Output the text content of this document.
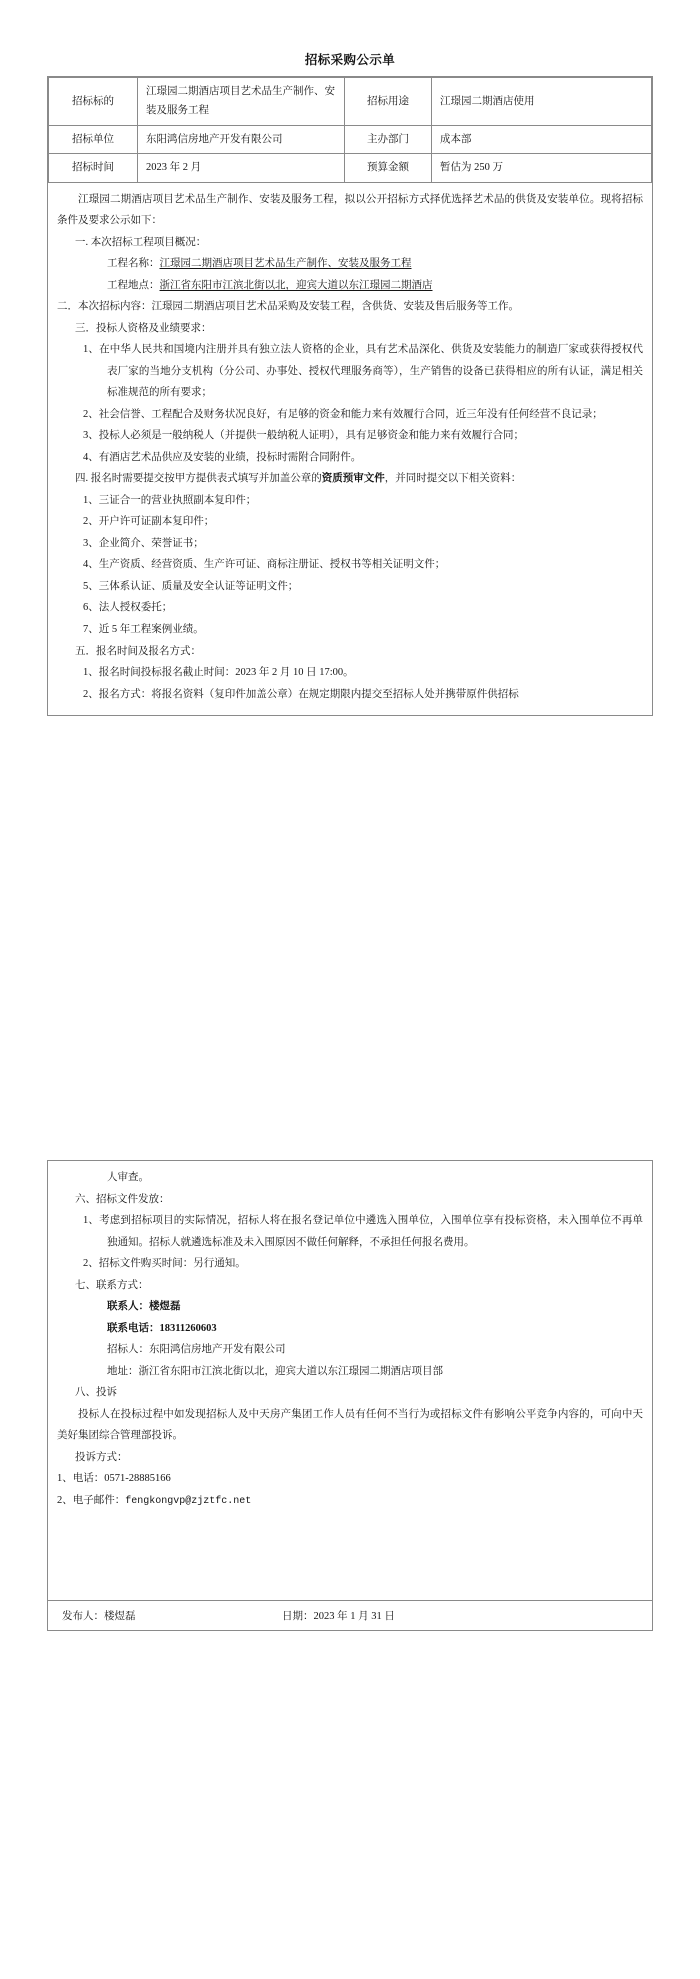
招标采购公示单
招标标的	江璟园二期酒店项目艺术品生产制作、安装及服务工程	招标用途	江璟园二期酒店使用
招标单位	东阳鸿信房地产开发有限公司	主办部门	成本部
招标时间	2023 年 2 月	预算金额	暂估为 250 万

江璟园二期酒店项目艺术品生产制作、安装及服务工程，拟以公开招标方式择优选择艺术品的供货及安装单位。现将招标条件及要求公示如下：

一. 本次招标工程项目概况：

工程名称：江璟园二期酒店项目艺术品生产制作、安装及服务工程

工程地点：浙江省东阳市江滨北街以北，迎宾大道以东江璟园二期酒店

二．本次招标内容：江璟园二期酒店项目艺术品采购及安装工程，含供货、安装及售后服务等工作。

三．投标人资格及业绩要求：

1、在中华人民共和国境内注册并具有独立法人资格的企业，具有艺术品深化、供货及安装能力的制造厂家或获得授权代表厂家的当地分支机构（分公司、办事处、授权代理服务商等），生产销售的设备已获得相应的所有认证，满足相关标准规范的所有要求；

2、社会信誉、工程配合及财务状况良好，有足够的资金和能力来有效履行合同，近三年没有任何经营不良记录；

3、投标人必须是一般纳税人（并提供一般纳税人证明），具有足够资金和能力来有效履行合同；

4、有酒店艺术品供应及安装的业绩，投标时需附合同附件。

四. 报名时需要提交按甲方提供表式填写并加盖公章的资质预审文件，并同时提交以下相关资料：

1、三证合一的营业执照副本复印件；

2、开户许可证副本复印件；

3、企业简介、荣誉证书；

4、生产资质、经营资质、生产许可证、商标注册证、授权书等相关证明文件；

5、三体系认证、质量及安全认证等证明文件；

6、法人授权委托；

7、近 5 年工程案例业绩。

五．报名时间及报名方式：

1、报名时间投标报名截止时间：2023 年 2 月 10 日 17:00。

2、报名方式：将报名资料（复印件加盖公章）在规定期限内提交至招标人处并携带原件供招标

人审查。

六、招标文件发放：

1、考虑到招标项目的实际情况，招标人将在报名登记单位中遴选入围单位，入围单位享有投标资格，未入围单位不再单独通知。招标人就遴选标准及未入围原因不做任何解释，不承担任何报名费用。

2、招标文件购买时间：另行通知。

七、联系方式：

联系人：楼煜磊

联系电话：18311260603

招标人：东阳鸿信房地产开发有限公司

地址：浙江省东阳市江滨北街以北，迎宾大道以东江璟园二期酒店项目部

八、投诉

投标人在投标过程中如发现招标人及中天房产集团工作人员有任何不当行为或招标文件有影响公平竞争内容的，可向中天美好集团综合管理部投诉。

投诉方式：

1、电话：0571-28885166

2、电子邮件：fengkongvp@zjztfc.net

发布人：楼煜磊	日期：2023 年 1 月 31 日
